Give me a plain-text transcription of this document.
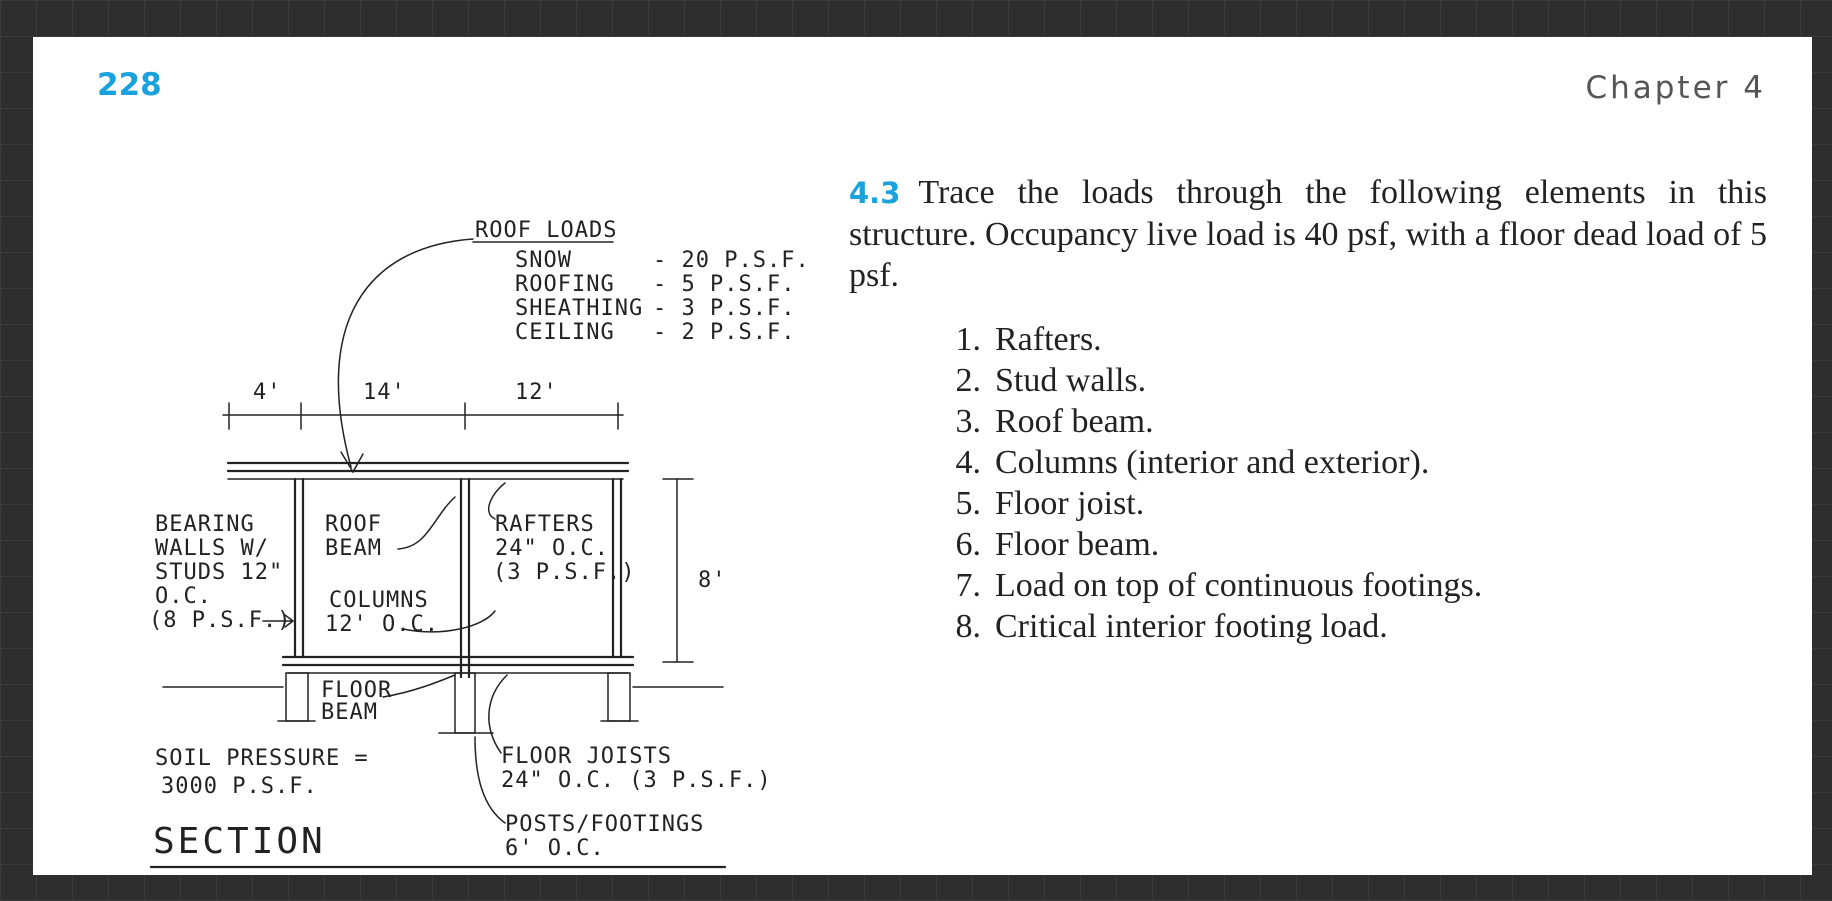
228	Chapter 4
ROOF LOADS
SNOW	- 20 P.S.F.
ROOFING - 5 P.S.F.
SHEATHING - 3 P.S.F.
CEILING - 2 P.S.F.
4'	14'	12'
8'
BEARING
WALLS W/
STUDS 12"
O.C.
(8 P.S.F.)
ROOF
BEAM
RAFTERS
24" O.C.
(3 P.S.F.)
COLUMNS
12' O.C.
FLOOR
BEAM
SOIL PRESSURE =
3000 P.S.F.
FLOOR JOISTS
24" O.C. (3 P.S.F.)
POSTS/FOOTINGS
6' O.C.
SECTION
4.3 Trace the loads through the following elements in this structure. Occupancy live load is 40 psf, with a floor dead load of 5 psf.
1. Rafters.
2. Stud walls.
3. Roof beam.
4. Columns (interior and exterior).
5. Floor joist.
6. Floor beam.
7. Load on top of continuous footings.
8. Critical interior footing load.
